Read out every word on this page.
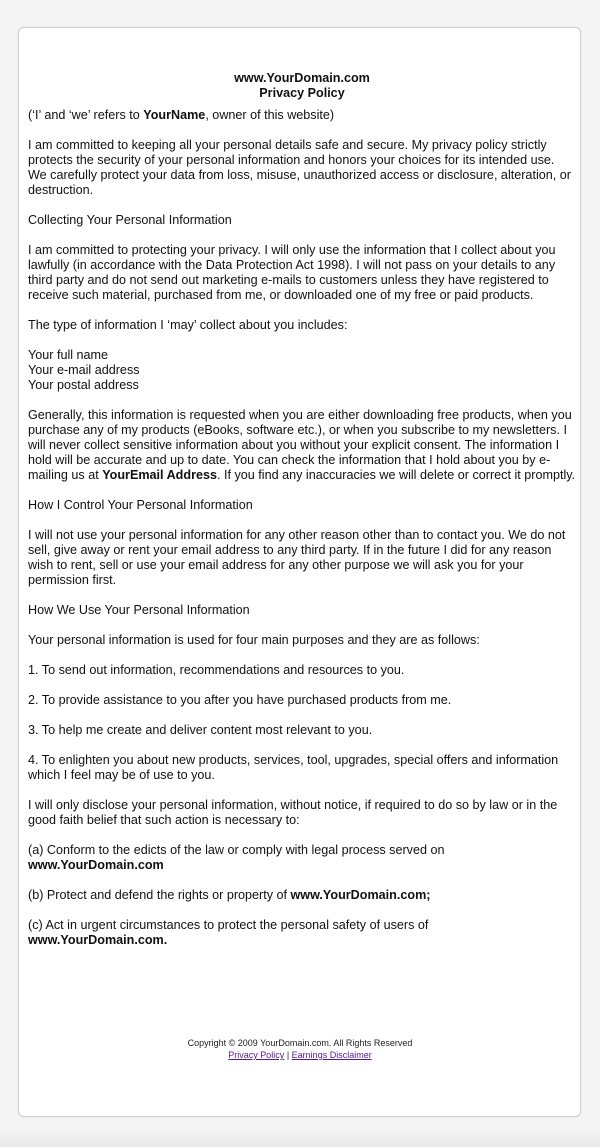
www.YourDomain.com
Privacy Policy

(‘I’ and ‘we’ refers to YourName, owner of this website)

I am committed to keeping all your personal details safe and secure. My privacy policy strictly protects the security of your personal information and honors your choices for its intended use. We carefully protect your data from loss, misuse, unauthorized access or disclosure, alteration, or destruction.

Collecting Your Personal Information

I am committed to protecting your privacy. I will only use the information that I collect about you lawfully (in accordance with the Data Protection Act 1998). I will not pass on your details to any third party and do not send out marketing e-mails to customers unless they have registered to receive such material, purchased from me, or downloaded one of my free or paid products.

The type of information I ‘may’ collect about you includes:

Your full name
Your e-mail address
Your postal address

Generally, this information is requested when you are either downloading free products, when you purchase any of my products (eBooks, software etc.), or when you subscribe to my newsletters. I will never collect sensitive information about you without your explicit consent. The information I hold will be accurate and up to date. You can check the information that I hold about you by e-mailing us at YourEmail Address. If you find any inaccuracies we will delete or correct it promptly.

How I Control Your Personal Information

I will not use your personal information for any other reason other than to contact you. We do not sell, give away or rent your email address to any third party. If in the future I did for any reason wish to rent, sell or use your email address for any other purpose we will ask you for your permission first.

How We Use Your Personal Information

Your personal information is used for four main purposes and they are as follows:

1. To send out information, recommendations and resources to you.

2. To provide assistance to you after you have purchased products from me.

3. To help me create and deliver content most relevant to you.

4. To enlighten you about new products, services, tool, upgrades, special offers and information which I feel may be of use to you.

I will only disclose your personal information, without notice, if required to do so by law or in the good faith belief that such action is necessary to:

(a) Conform to the edicts of the law or comply with legal process served on
www.YourDomain.com

(b) Protect and defend the rights or property of www.YourDomain.com;

(c) Act in urgent circumstances to protect the personal safety of users of
www.YourDomain.com.

Copyright © 2009 YourDomain.com. All Rights Reserved
Privacy Policy | Earnings Disclaimer
